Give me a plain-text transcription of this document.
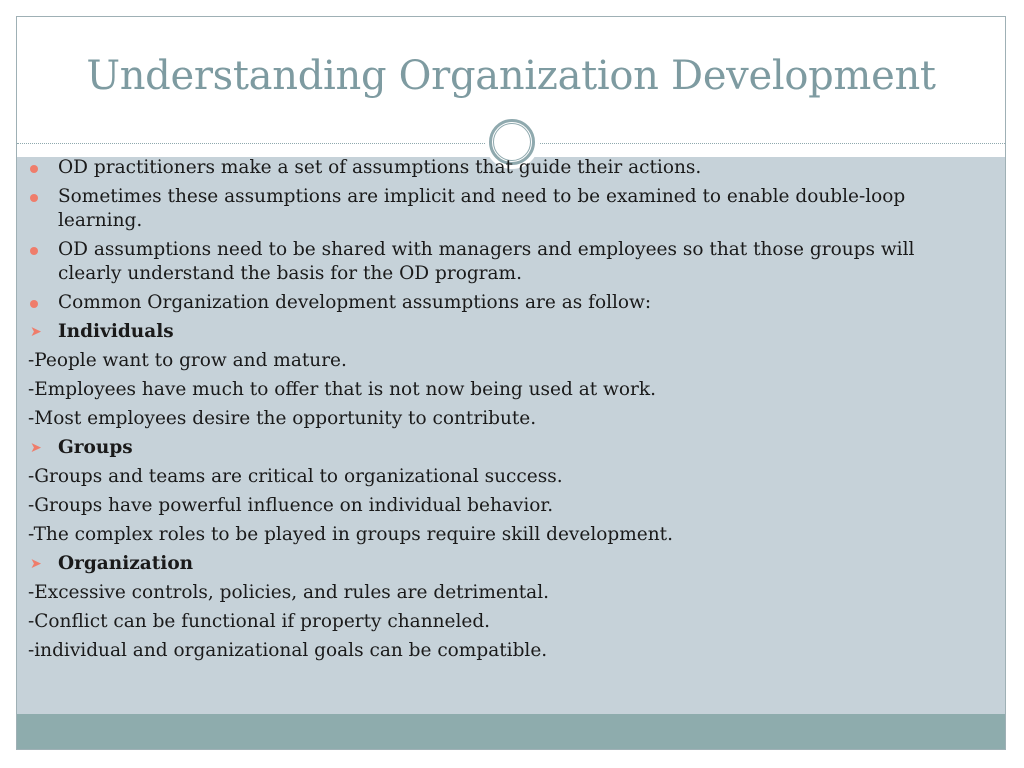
Understanding Organization Development
OD practitioners make a set of assumptions that guide their actions.
Sometimes these assumptions are implicit and need to be examined to enable double-loop learning.
OD assumptions need to be shared with managers and employees so that those groups will clearly understand the basis for the OD program.
Common Organization development assumptions are as follow:
➤ Individuals
-People want to grow and mature.
-Employees have much to offer that is not now being used at work.
-Most employees desire the opportunity to contribute.
➤ Groups
-Groups and teams are critical to organizational success.
-Groups have powerful influence on individual behavior.
-The complex roles to be played in groups require skill development.
➤ Organization
-Excessive controls, policies, and rules are detrimental.
-Conflict can be functional if property channeled.
-individual and organizational goals can be compatible.
